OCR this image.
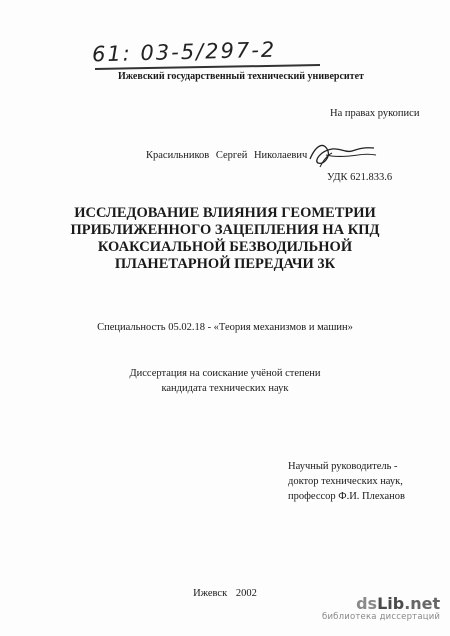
61: 03-5/297-2
Ижевский государственный технический университет
На правах рукописи
Красильников Сергей Николаевич
УДК 621.833.6
ИССЛЕДОВАНИЕ ВЛИЯНИЯ ГЕОМЕТРИИ
ПРИБЛИЖЕННОГО ЗАЦЕПЛЕНИЯ НА КПД
КОАКСИАЛЬНОЙ БЕЗВОДИЛЬНОЙ
ПЛАНЕТАРНОЙ ПЕРЕДАЧИ 3К
Специальность 05.02.18 - «Теория механизмов и машин»
Диссертация на соискание учёной степени
кандидата технических наук
Научный руководитель -
доктор технических наук,
профессор Ф.И. Плеханов
Ижевск 2002
dsLib.net
библиотека диссертаций
